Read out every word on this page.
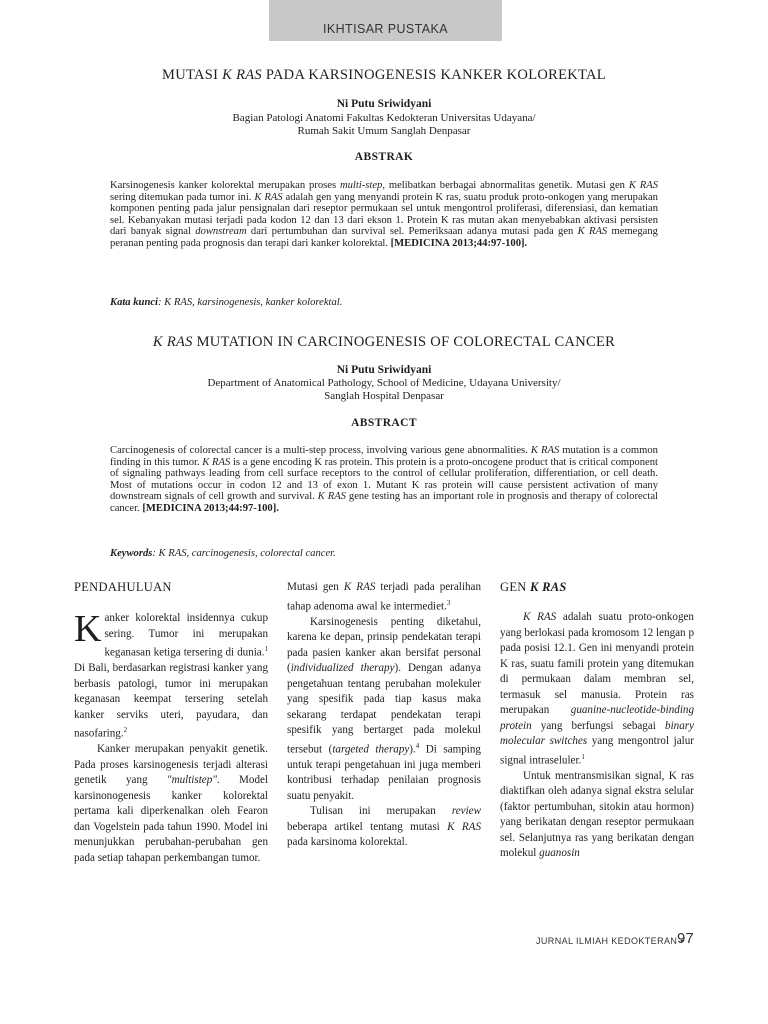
IKHTISAR PUSTAKA
MUTASI K RAS PADA KARSINOGENESIS KANKER KOLOREKTAL
Ni Putu Sriwidyani
Bagian Patologi Anatomi Fakultas Kedokteran Universitas Udayana/
Rumah Sakit Umum Sanglah Denpasar
ABSTRAK
Karsinogenesis kanker kolorektal merupakan proses multi-step, melibatkan berbagai abnormalitas genetik. Mutasi gen K RAS sering ditemukan pada tumor ini. K RAS adalah gen yang menyandi protein K ras, suatu produk proto-onkogen yang merupakan komponen penting pada jalur pensignalan dari reseptor permukaan sel untuk mengontrol proliferasi, diferensiasi, dan kematian sel. Kebanyakan mutasi terjadi pada kodon 12 dan 13 dari ekson 1. Protein K ras mutan akan menyebabkan aktivasi persisten dari banyak signal downstream dari pertumbuhan dan survival sel. Pemeriksaan adanya mutasi pada gen K RAS memegang peranan penting pada prognosis dan terapi dari kanker kolorektal. [MEDICINA 2013;44:97-100].
Kata kunci: K RAS, karsinogenesis, kanker kolorektal.
K RAS MUTATION IN CARCINOGENESIS OF COLORECTAL CANCER
Ni Putu Sriwidyani
Department of Anatomical Pathology, School of Medicine, Udayana University/
Sanglah Hospital Denpasar
ABSTRACT
Carcinogenesis of colorectal cancer is a multi-step process, involving various gene abnormalities. K RAS mutation is a common finding in this tumor. K RAS is a gene encoding K ras protein. This protein is a proto-oncogene product that is critical component of signaling pathways leading from cell surface receptors to the control of cellular proliferation, differentiation, or cell death. Most of mutations occur in codon 12 and 13 of exon 1. Mutant K ras protein will cause persistent activation of many downstream signals of cell growth and survival. K RAS gene testing has an important role in prognosis and therapy of colorectal cancer. [MEDICINA 2013;44:97-100].
Keywords: K RAS, carcinogenesis, colorectal cancer.
PENDAHULUAN

Kanker kolorektal insidennya cukup sering. Tumor ini merupakan keganasan ketiga tersering di dunia.$^1$ Di Bali, berdasarkan registrasi kanker yang berbasis patologi, tumor ini merupakan keganasan keempat tersering setelah kanker serviks uteri, payudara, dan nasofaring.$^2$

Kanker merupakan penyakit genetik. Pada proses karsinogenesis terjadi alterasi genetik yang "multistep". Model karsinonogenesis kanker kolorektal pertama kali diperkenalkan oleh Fearon dan Vogelstein pada tahun 1990. Model ini menunjukkan perubahan-perubahan gen pada setiap tahapan perkembangan tumor.

Mutasi gen K RAS terjadi pada peralihan tahap adenoma awal ke intermediet.$^3$

Karsinogenesis penting diketahui, karena ke depan, prinsip pendekatan terapi pada pasien kanker akan bersifat personal (individualized therapy). Dengan adanya pengetahuan tentang perubahan molekuler yang spesifik pada tiap kasus maka sekarang terdapat pendekatan terapi spesifik yang bertarget pada molekul tersebut (targeted therapy).$^4$ Di samping untuk terapi pengetahuan ini juga memberi kontribusi terhadap penilaian prognosis suatu penyakit.

Tulisan ini merupakan review beberapa artikel tentang mutasi K RAS pada karsinoma kolorektal.

GEN K RAS

K RAS adalah suatu proto-onkogen yang berlokasi pada kromosom 12 lengan p pada posisi 12.1. Gen ini menyandi protein K ras, suatu famili protein yang ditemukan di permukaan dalam membran sel, termasuk sel manusia. Protein ras merupakan guanine-nucleotide-binding protein yang berfungsi sebagai binary molecular switches yang mengontrol jalur signal intraseluler.$^1$

Untuk mentransmisikan signal, K ras diaktifkan oleh adanya signal ekstra selular (faktor pertumbuhan, sitokin atau hormon) yang berikatan dengan reseptor permukaan sel. Selanjutnya ras yang berikatan dengan molekul guanosin

JURNAL ILMIAH KEDOKTERAN •
97
